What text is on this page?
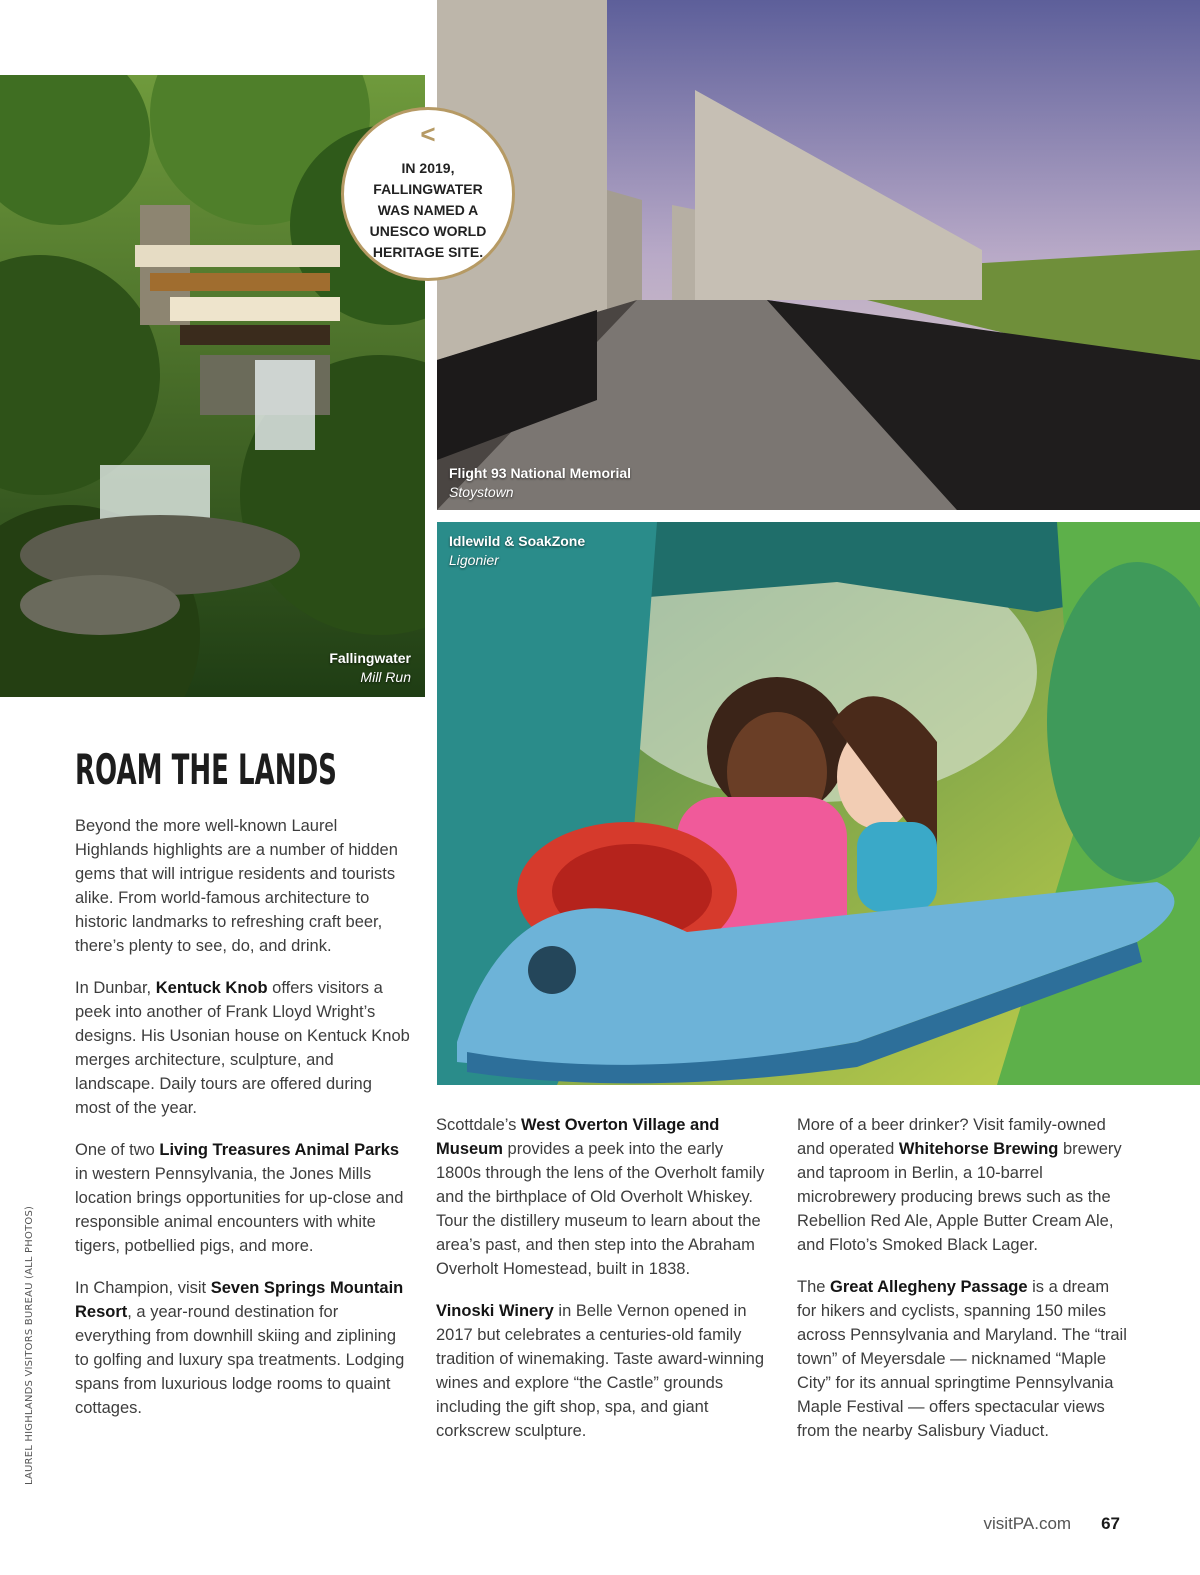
Fallingwater
Mill Run
Flight 93 National Memorial
Stoystown
Idlewild & SoakZone
Ligonier
<
IN 2019, FALLINGWATER WAS NAMED A UNESCO WORLD HERITAGE SITE.
ROAM THE LANDS

Beyond the more well-known Laurel Highlands highlights are a number of hidden gems that will intrigue residents and tourists alike. From world-famous architecture to historic landmarks to refreshing craft beer, there’s plenty to see, do, and drink.

In Dunbar, Kentuck Knob offers visitors a peek into another of Frank Lloyd Wright’s designs. His Usonian house on Kentuck Knob merges architecture, sculpture, and landscape. Daily tours are offered during most of the year.

One of two Living Treasures Animal Parks in western Pennsylvania, the Jones Mills location brings opportunities for up-close and responsible animal encounters with white tigers, potbellied pigs, and more.

In Champion, visit Seven Springs Mountain Resort, a year-round destination for everything from downhill skiing and ziplining to golfing and luxury spa treatments. Lodging spans from luxurious lodge rooms to quaint cottages.

Scottdale’s West Overton Village and Museum provides a peek into the early 1800s through the lens of the Overholt family and the birthplace of Old Overholt Whiskey. Tour the distillery museum to learn about the area’s past, and then step into the Abraham Overholt Homestead, built in 1838.

Vinoski Winery in Belle Vernon opened in 2017 but celebrates a centuries-old family tradition of winemaking. Taste award-winning wines and explore “the Castle” grounds including the gift shop, spa, and giant corkscrew sculpture.

More of a beer drinker? Visit family-owned and operated Whitehorse Brewing brewery and taproom in Berlin, a 10-barrel microbrewery producing brews such as the Rebellion Red Ale, Apple Butter Cream Ale, and Floto’s Smoked Black Lager.

The Great Allegheny Passage is a dream for hikers and cyclists, spanning 150 miles across Pennsylvania and Maryland. The “trail town” of Meyersdale — nicknamed “Maple City” for its annual springtime Pennsylvania Maple Festival — offers spectacular views from the nearby Salisbury Viaduct.

LAUREL HIGHLANDS VISITORS BUREAU (ALL PHOTOS)
visitPA.com 67
